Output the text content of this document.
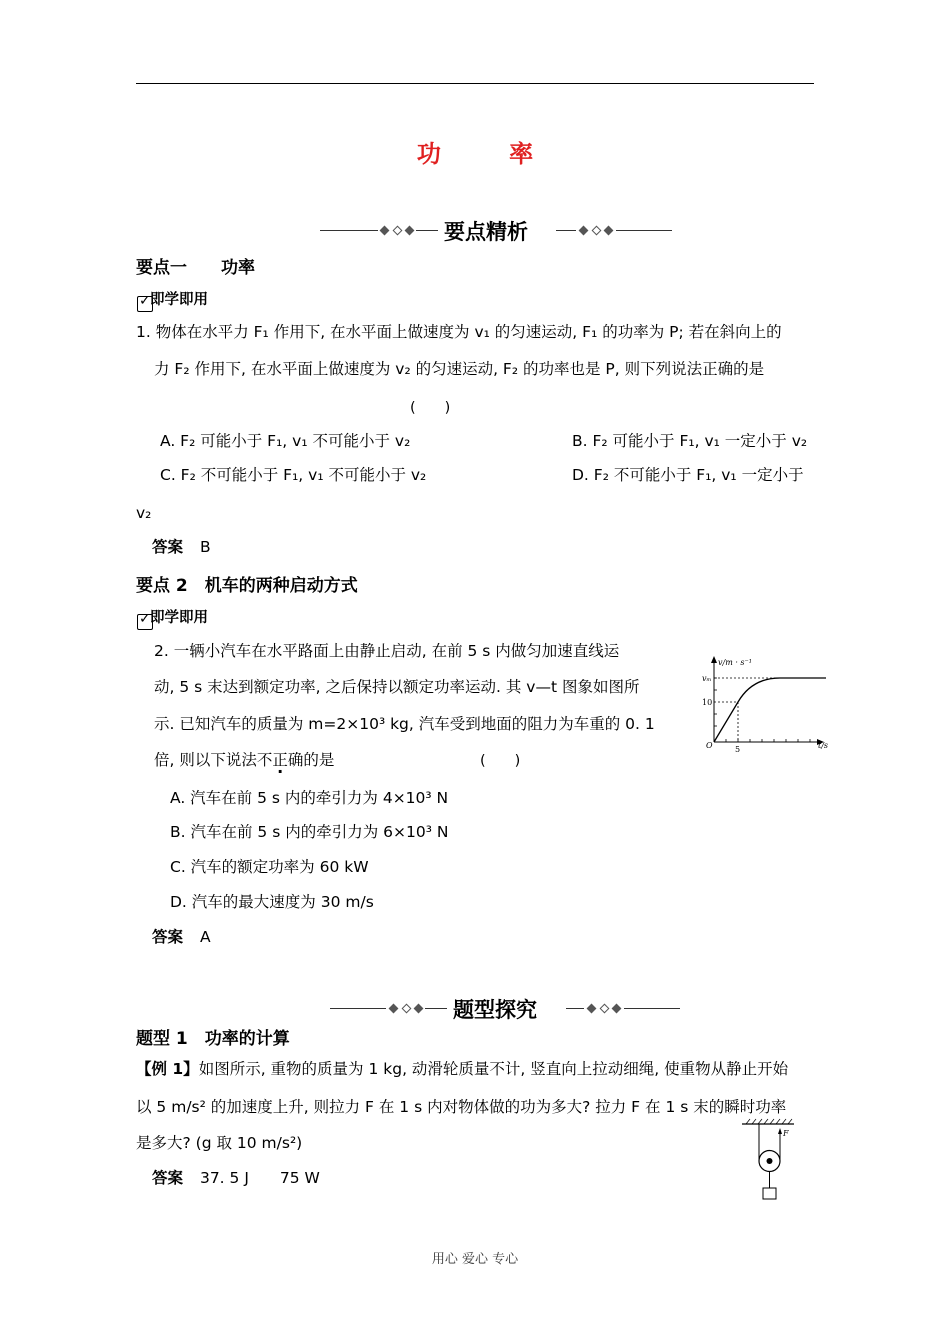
功 率
要点精析
要点一　　功率
✓
即学即用
1. 物体在水平力 F₁ 作用下, 在水平面上做速度为 v₁ 的匀速运动, F₁ 的功率为 P; 若在斜向上的
力 F₂ 作用下, 在水平面上做速度为 v₂ 的匀速运动, F₂ 的功率也是 P, 则下列说法正确的是
(　　)
A. F₂ 可能小于 F₁, v₁ 不可能小于 v₂	B. F₂ 可能小于 F₁, v₁ 一定小于 v₂
C. F₂ 不可能小于 F₁, v₁ 不可能小于 v₂	D. F₂ 不可能小于 F₁, v₁ 一定小于
v₂
答案 B
要点 2　机车的两种启动方式
✓
即学即用
2. 一辆小汽车在水平路面上由静止启动, 在前 5 s 内做匀加速直线运
动, 5 s 末达到额定功率, 之后保持以额定功率运动. 其 v—t 图象如图所
示. 已知汽车的质量为 m=2×10³ kg, 汽车受到地面的阻力为车重的 0. 1
倍, 则以下说法不正确的是	(　　)
v/m · s⁻¹
vₘ
10
O	5	t/s
A. 汽车在前 5 s 内的牵引力为 4×10³ N
B. 汽车在前 5 s 内的牵引力为 6×10³ N
C. 汽车的额定功率为 60 kW
D. 汽车的最大速度为 30 m/s
答案 A
题型探究
题型 1　功率的计算
【例 1】如图所示, 重物的质量为 1 kg, 动滑轮质量不计, 竖直向上拉动细绳, 使重物从静止开始
以 5 m/s² 的加速度上升, 则拉力 F 在 1 s 内对物体做的功为多大? 拉力 F 在 1 s 末的瞬时功率
是多大? (g 取 10 m/s²)
答案 37. 5 J　　75 W
F
用心 爱心 专心
